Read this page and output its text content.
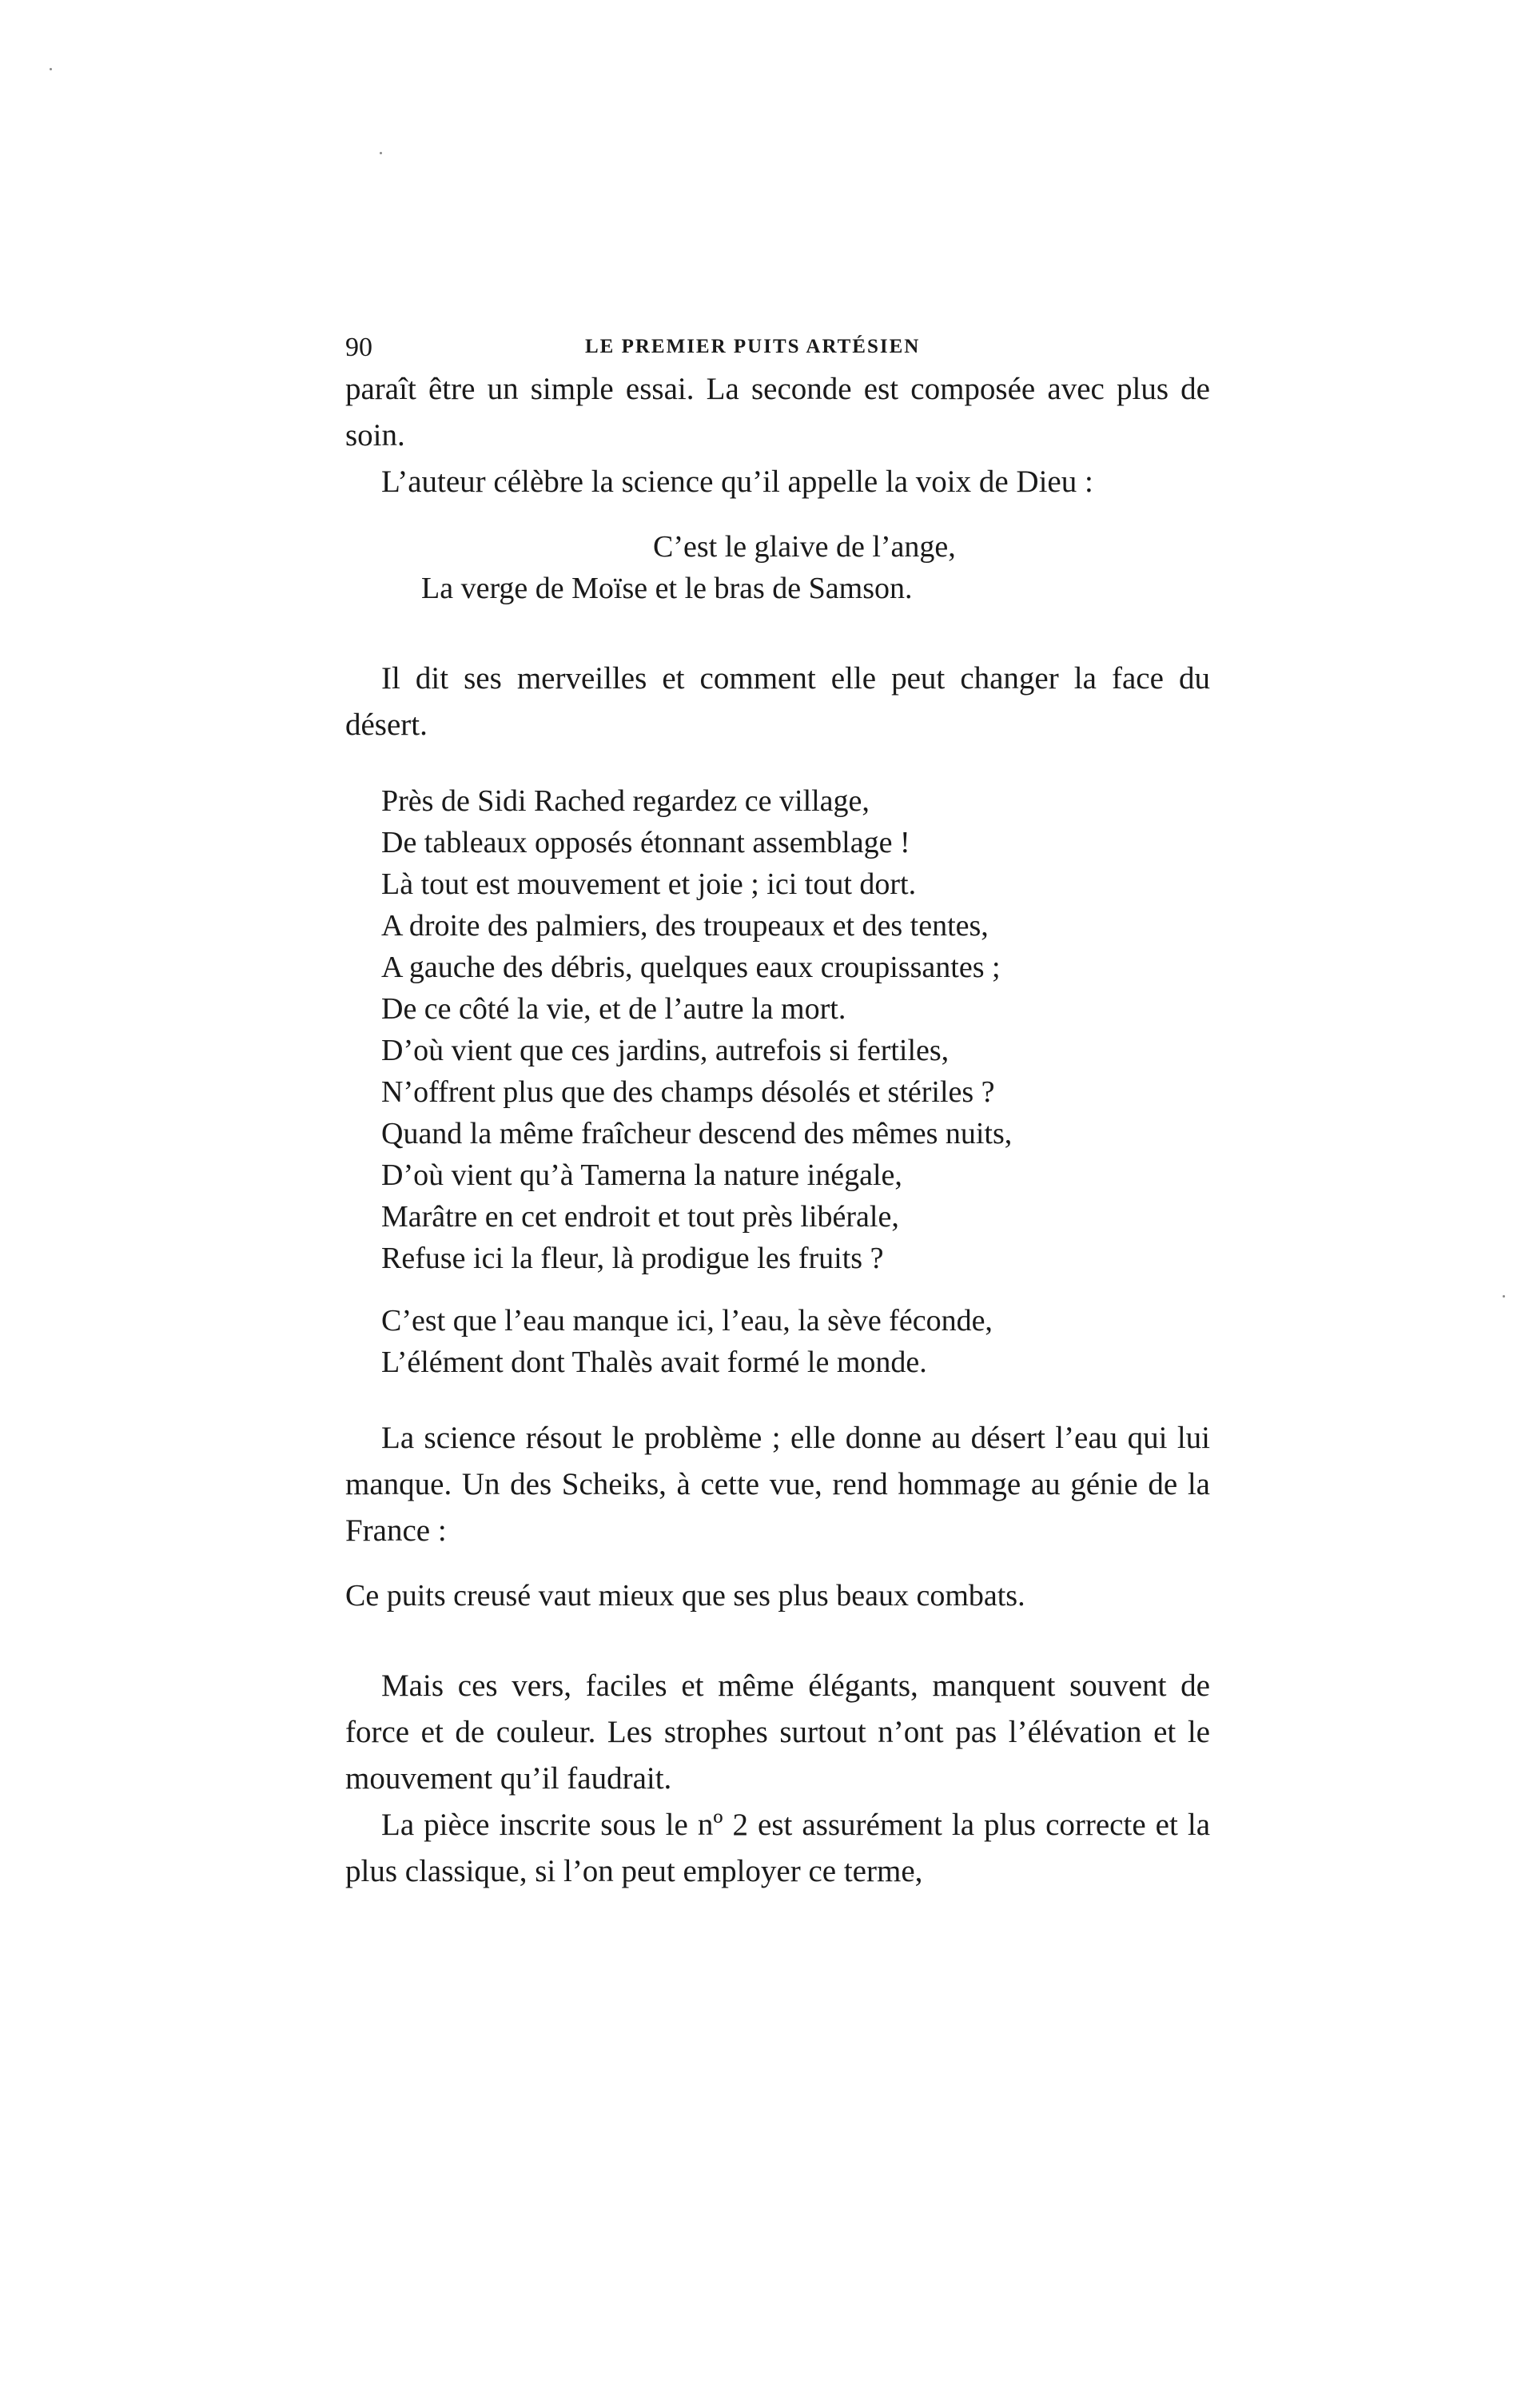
90	LE PREMIER PUITS ARTÉSIEN

paraît être un simple essai. La seconde est composée avec plus de soin.

L’auteur célèbre la science qu’il appelle la voix de Dieu :

C’est le glaive de l’ange,
La verge de Moïse et le bras de Samson.

Il dit ses merveilles et comment elle peut changer la face du désert.

Près de Sidi Rached regardez ce village,
De tableaux opposés étonnant assemblage !
Là tout est mouvement et joie ; ici tout dort.
A droite des palmiers, des troupeaux et des tentes,
A gauche des débris, quelques eaux croupissantes ;
De ce côté la vie, et de l’autre la mort.
D’où vient que ces jardins, autrefois si fertiles,
N’offrent plus que des champs désolés et stériles ?
Quand la même fraîcheur descend des mêmes nuits,
D’où vient qu’à Tamerna la nature inégale,
Marâtre en cet endroit et tout près libérale,
Refuse ici la fleur, là prodigue les fruits ?
C’est que l’eau manque ici, l’eau, la sève féconde,
L’élément dont Thalès avait formé le monde.

La science résout le problème ; elle donne au désert l’eau qui lui manque. Un des Scheiks, à cette vue, rend hommage au génie de la France :

Ce puits creusé vaut mieux que ses plus beaux combats.

Mais ces vers, faciles et même élégants, manquent souvent de force et de couleur. Les strophes surtout n’ont pas l’élévation et le mouvement qu’il faudrait.

La pièce inscrite sous le nº 2 est assurément la plus correcte et la plus classique, si l’on peut employer ce terme,
